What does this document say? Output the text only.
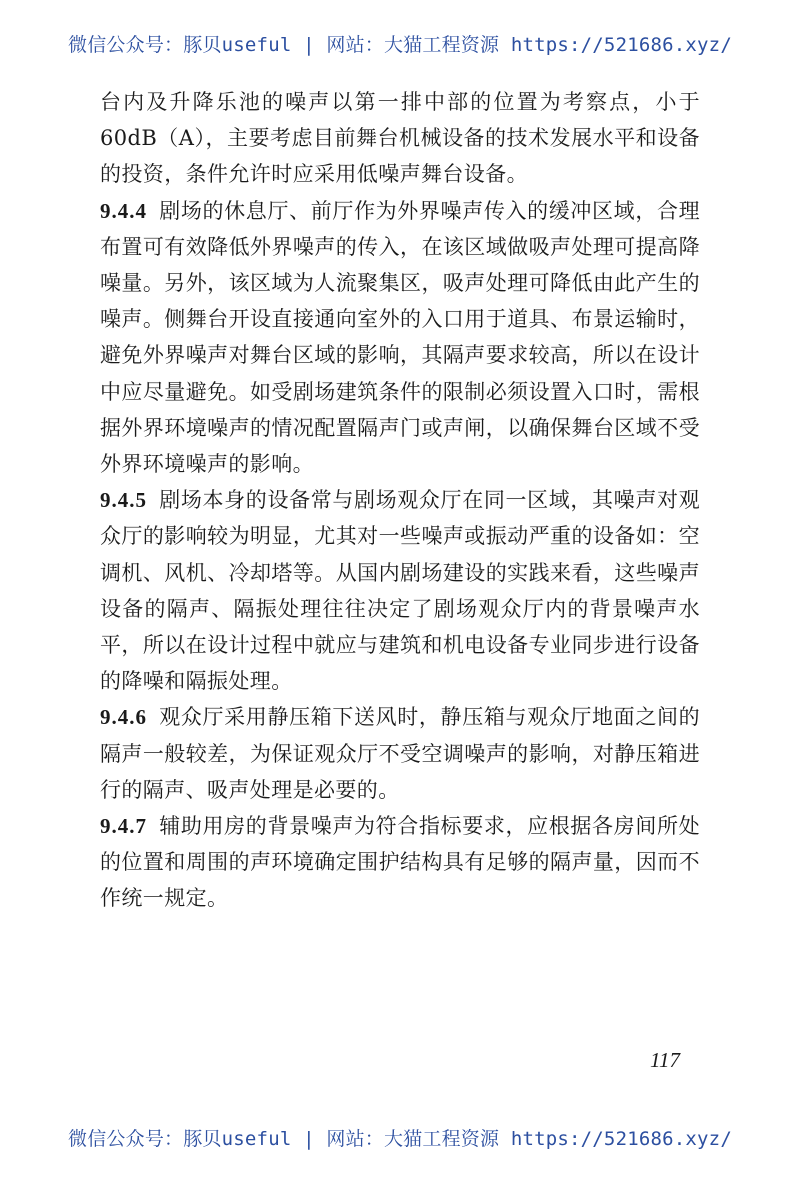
微信公众号：豚贝useful | 网站：大猫工程资源 https://521686.xyz/

台内及升降乐池的噪声以第一排中部的位置为考察点，小于60dB（A），主要考虑目前舞台机械设备的技术发展水平和设备的投资，条件允许时应采用低噪声舞台设备。

9.4.4 剧场的休息厅、前厅作为外界噪声传入的缓冲区域，合理布置可有效降低外界噪声的传入，在该区域做吸声处理可提高降噪量。另外，该区域为人流聚集区，吸声处理可降低由此产生的噪声。侧舞台开设直接通向室外的入口用于道具、布景运输时，避免外界噪声对舞台区域的影响，其隔声要求较高，所以在设计中应尽量避免。如受剧场建筑条件的限制必须设置入口时，需根据外界环境噪声的情况配置隔声门或声闸，以确保舞台区域不受外界环境噪声的影响。

9.4.5 剧场本身的设备常与剧场观众厅在同一区域，其噪声对观众厅的影响较为明显，尤其对一些噪声或振动严重的设备如：空调机、风机、冷却塔等。从国内剧场建设的实践来看，这些噪声设备的隔声、隔振处理往往决定了剧场观众厅内的背景噪声水平，所以在设计过程中就应与建筑和机电设备专业同步进行设备的降噪和隔振处理。

9.4.6 观众厅采用静压箱下送风时，静压箱与观众厅地面之间的隔声一般较差，为保证观众厅不受空调噪声的影响，对静压箱进行的隔声、吸声处理是必要的。

9.4.7 辅助用房的背景噪声为符合指标要求，应根据各房间所处的位置和周围的声环境确定围护结构具有足够的隔声量，因而不作统一规定。

117
微信公众号：豚贝useful | 网站：大猫工程资源 https://521686.xyz/
